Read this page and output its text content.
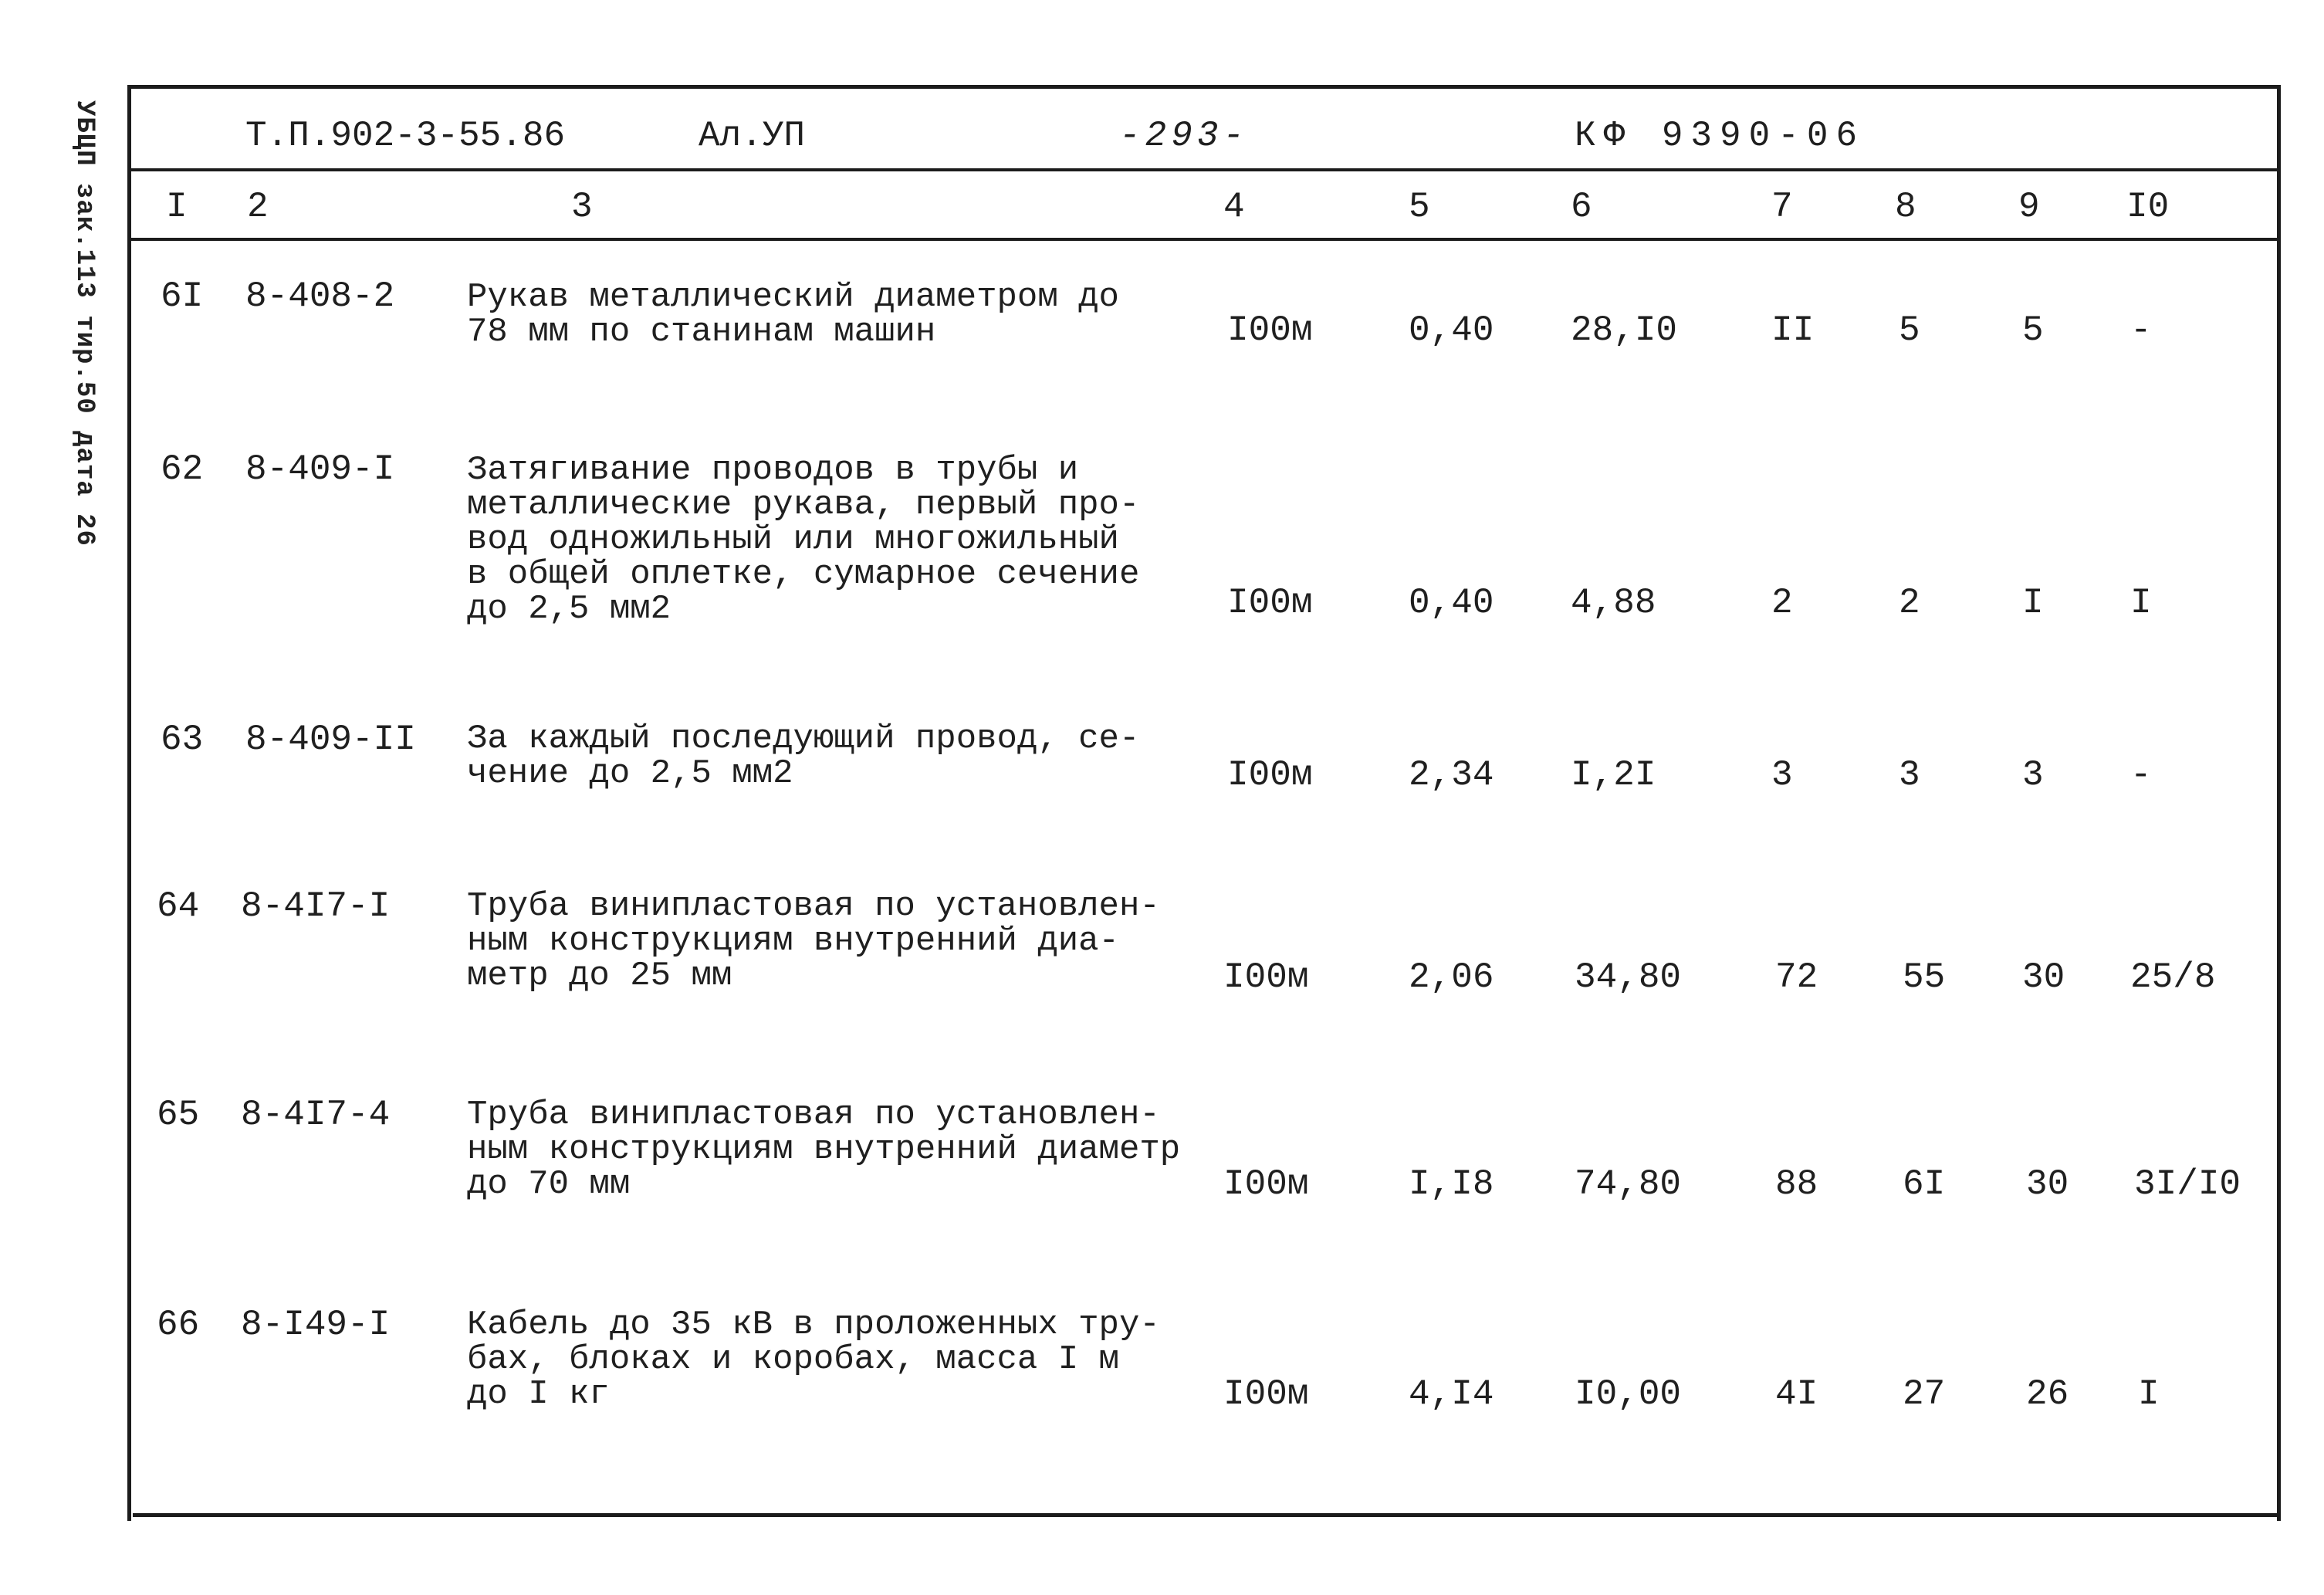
УБЦП зак.113 тир.50 дата 26	Т.П.902-3-55.86	Ал.УП	-293-	КФ 9390-06
I 2	3	4	5	6	7	8	9 I0
6I 8-408-2 Рукав металлический диаметром до
78 мм по станинам машин	I00м	0,40 28,I0	II 5	5 -
62 8-409-I Затягивание проводов в трубы и
металлические рукава, первый про-
вод одножильный или многожильный
в общей оплетке, сумарное сечение
до 2,5 мм2	I00м	0,40 4,88	2	2	I I
63 8-409-II За каждый последующий провод, се-
чение до 2,5 мм2	I00м	2,34 I,2I	3	3	3 -
64 8-4I7-I Труба винипластовая по установлен-
ным конструкциям внутренний диа-
метр до 25 мм	I00м	2,06 34,80	72 55 30 25/8
65 8-4I7-4 Труба винипластовая по установлен-
ным конструкциям внутренний диаметр
до 70 мм	I00м	I,I8 74,80	88 6I 30 3I/I0
66 8-I49-I Кабель до 35 кВ в проложенных тру-
бах, блоках и коробах, масса I м
до I кг	I00м	4,I4 I0,00	4I 27 26 I
